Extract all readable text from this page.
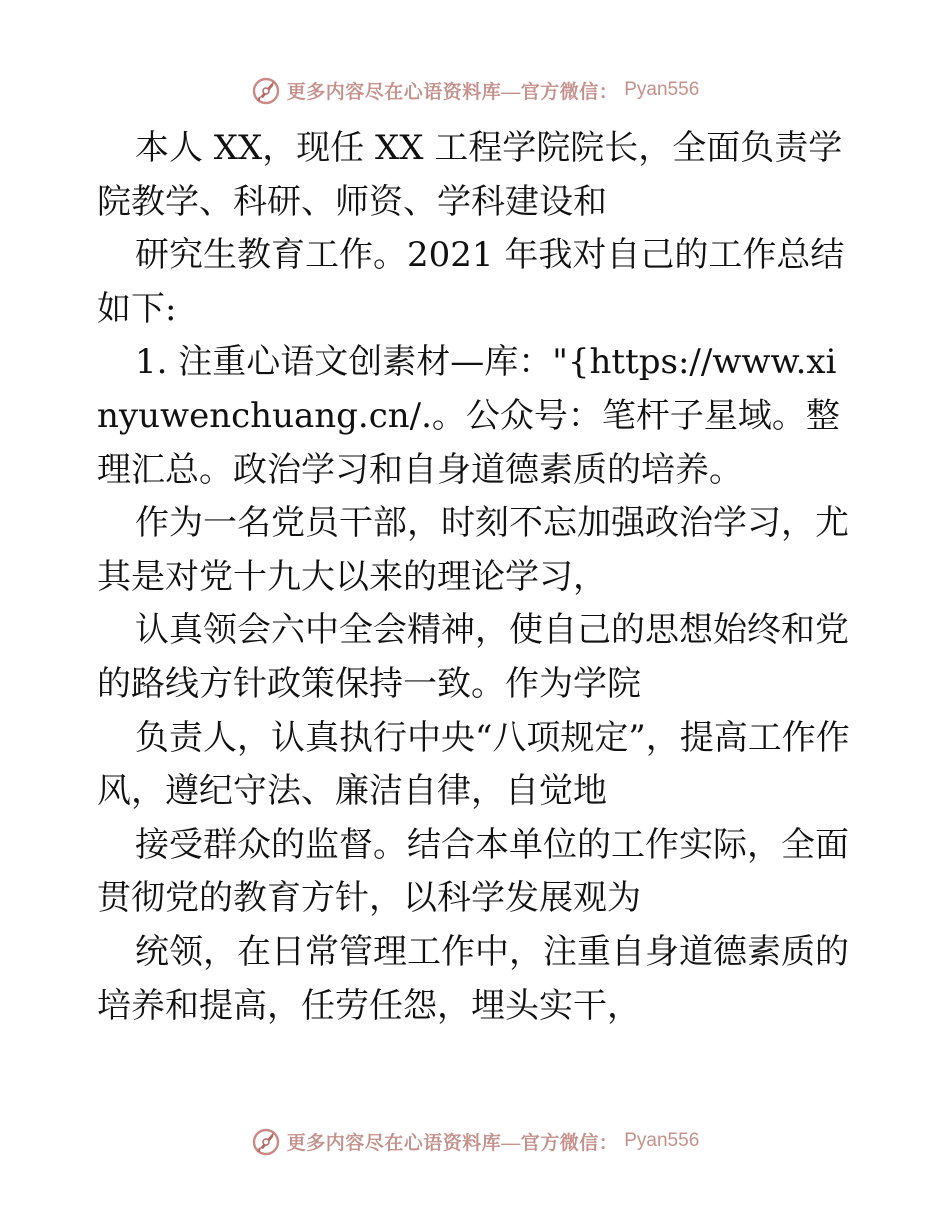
更多内容尽在心语资料库—官方微信： Pyan556

本人 XX，现任 XX 工程学院院长，全面负责学院教学、科研、师资、学科建设和

研究生教育工作。2021 年我对自己的工作总结如下:

1. 注重心语文创素材—库："{https://www.xinyuwenchuang.cn/.。公众号：笔杆子星域。整理汇总。政治学习和自身道德素质的培养。

作为一名党员干部，时刻不忘加强政治学习，尤其是对党十九大以来的理论学习，

认真领会六中全会精神，使自己的思想始终和党的路线方针政策保持一致。作为学院

负责人，认真执行中央“八项规定”，提高工作作风，遵纪守法、廉洁自律，自觉地

接受群众的监督。结合本单位的工作实际，全面贯彻党的教育方针，以科学发展观为

统领，在日常管理工作中，注重自身道德素质的培养和提高，任劳任怨，埋头实干，

更多内容尽在心语资料库—官方微信： Pyan556
